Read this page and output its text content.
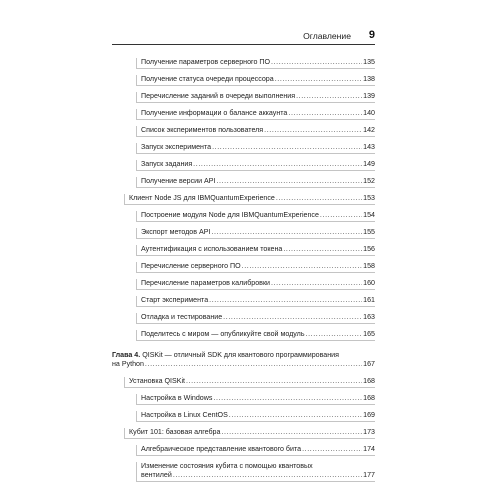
Оглавление 9
Получение параметров серверного ПО .....	135
Получение статуса очереди процессора .....	138
Перечисление заданий в очереди выполнения .....	139
Получение информации о балансе аккаунта .....	140
Список экспериментов пользователя .....	142
Запуск эксперимента .....	143
Запуск задания .....	149
Получение версии API .....	152
Клиент Node JS для IBMQuantumExperience .....	153
Построение модуля Node для IBMQuantumExperience .....	154
Экспорт методов API .....	155
Аутентификация с использованием токена .....	156
Перечисление серверного ПО .....	158
Перечисление параметров калибровки .....	160
Старт эксперимента .....	161
Отладка и тестирование .....	163
Поделитесь с миром — опубликуйте свой модуль .....	165
Глава 4. QISKit — отличный SDK для квантового программирования
на Python .....	167
Установка QISKit .....	168
Настройка в Windows .....	168
Настройка в Linux CentOS .....	169
Кубит 101: базовая алгебра .....	173
Алгебраическое представление квантового бита .....	174
Изменение состояния кубита с помощью квантовых
вентилей .....	177
